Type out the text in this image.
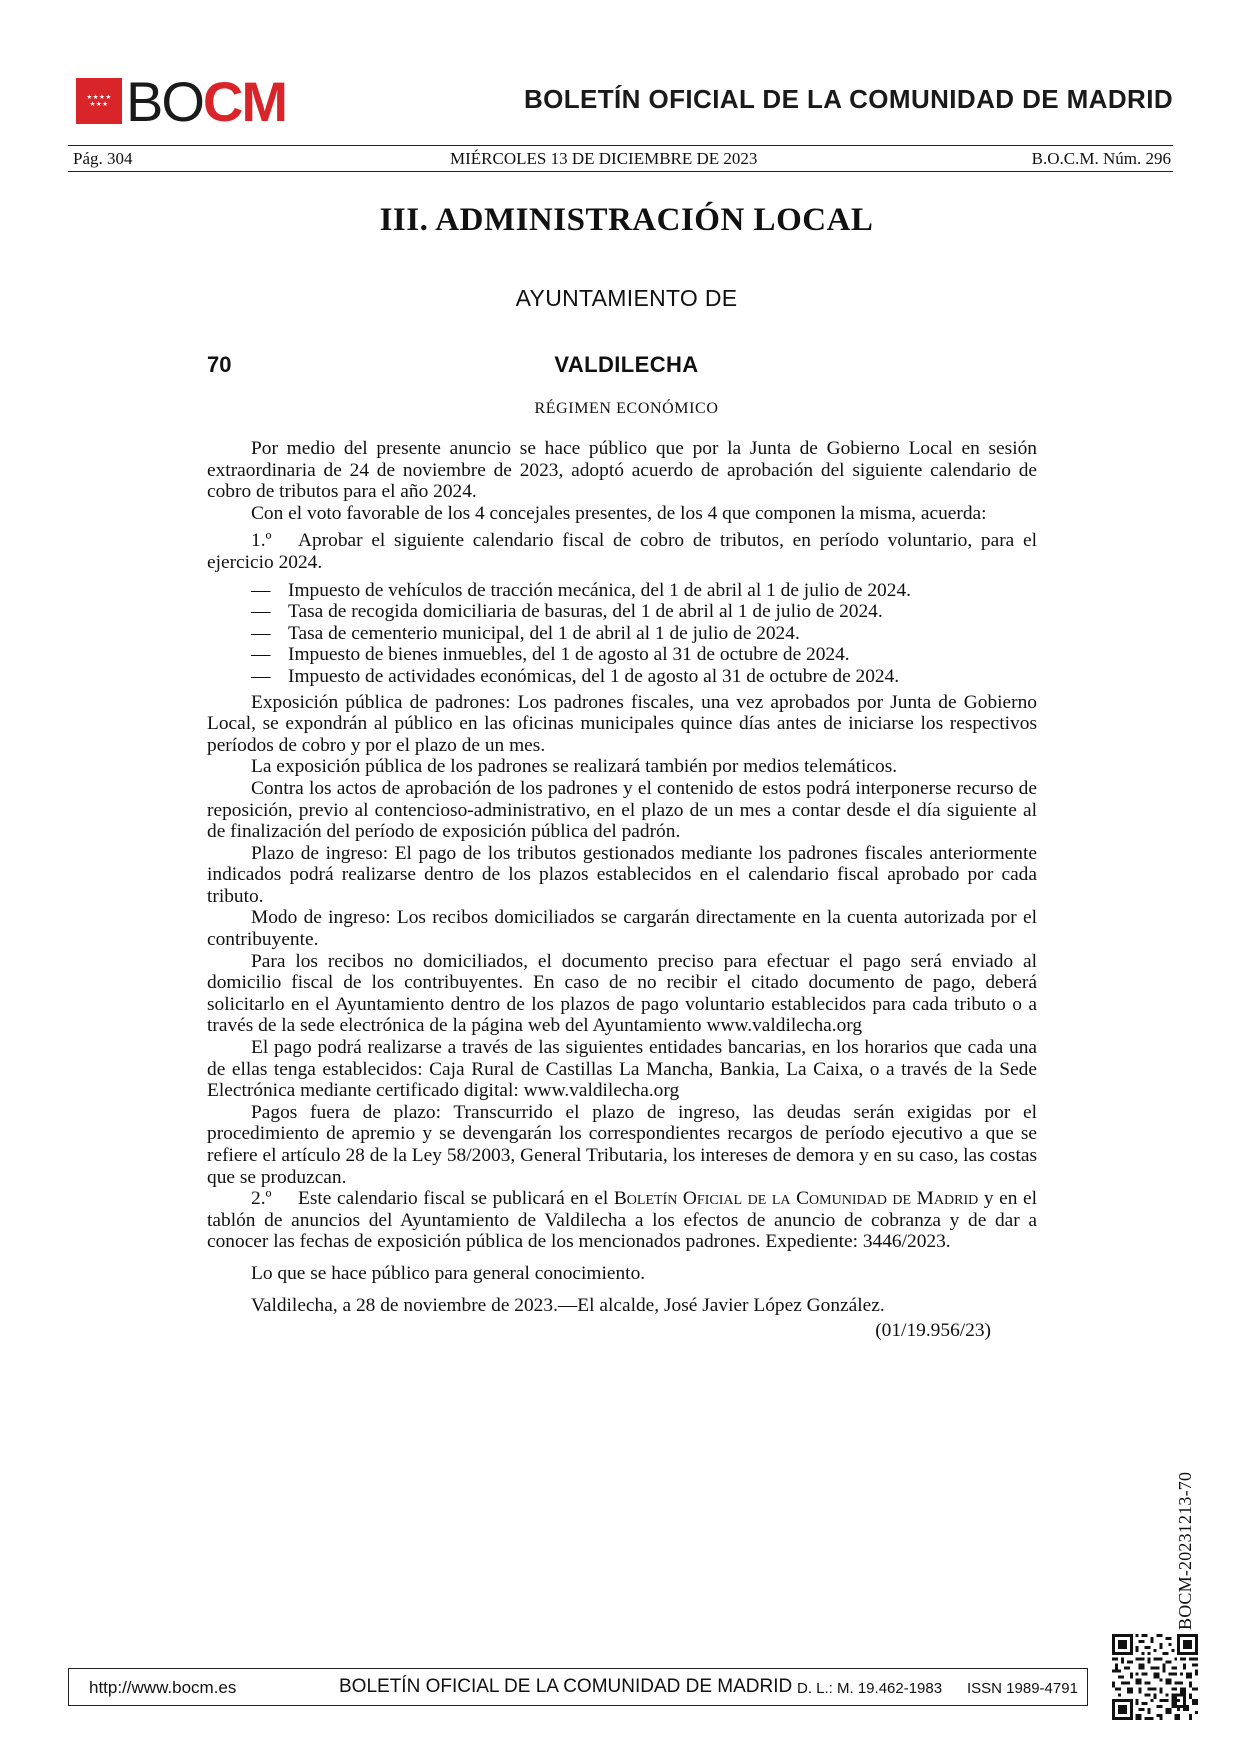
★★★★
★★★ BOCM	BOLETÍN OFICIAL DE LA COMUNIDAD DE MADRID
Pág. 304	MIÉRCOLES 13 DE DICIEMBRE DE 2023	B.O.C.M. Núm. 296
III. ADMINISTRACIÓN LOCAL
AYUNTAMIENTO DE
70	VALDILECHA
RÉGIMEN ECONÓMICO

Por medio del presente anuncio se hace público que por la Junta de Gobierno Local en sesión extraordinaria de 24 de noviembre de 2023, adoptó acuerdo de aprobación del siguiente calendario de cobro de tributos para el año 2024.

Con el voto favorable de los 4 concejales presentes, de los 4 que componen la misma, acuerda:

1.º Aprobar el siguiente calendario fiscal de cobro de tributos, en período voluntario, para el ejercicio 2024.

— Impuesto de vehículos de tracción mecánica, del 1 de abril al 1 de julio de 2024.
— Tasa de recogida domiciliaria de basuras, del 1 de abril al 1 de julio de 2024.
— Tasa de cementerio municipal, del 1 de abril al 1 de julio de 2024.
— Impuesto de bienes inmuebles, del 1 de agosto al 31 de octubre de 2024.
— Impuesto de actividades económicas, del 1 de agosto al 31 de octubre de 2024.

Exposición pública de padrones: Los padrones fiscales, una vez aprobados por Junta de Gobierno Local, se expondrán al público en las oficinas municipales quince días antes de iniciarse los respectivos períodos de cobro y por el plazo de un mes.

La exposición pública de los padrones se realizará también por medios telemáticos.

Contra los actos de aprobación de los padrones y el contenido de estos podrá interponerse recurso de reposición, previo al contencioso-administrativo, en el plazo de un mes a contar desde el día siguiente al de finalización del período de exposición pública del padrón.

Plazo de ingreso: El pago de los tributos gestionados mediante los padrones fiscales anteriormente indicados podrá realizarse dentro de los plazos establecidos en el calendario fiscal aprobado por cada tributo.

Modo de ingreso: Los recibos domiciliados se cargarán directamente en la cuenta autorizada por el contribuyente.

Para los recibos no domiciliados, el documento preciso para efectuar el pago será enviado al domicilio fiscal de los contribuyentes. En caso de no recibir el citado documento de pago, deberá solicitarlo en el Ayuntamiento dentro de los plazos de pago voluntario establecidos para cada tributo o a través de la sede electrónica de la página web del Ayuntamiento www.valdilecha.org

El pago podrá realizarse a través de las siguientes entidades bancarias, en los horarios que cada una de ellas tenga establecidos: Caja Rural de Castillas La Mancha, Bankia, La Caixa, o a través de la Sede Electrónica mediante certificado digital: www.valdilecha.org

Pagos fuera de plazo: Transcurrido el plazo de ingreso, las deudas serán exigidas por el procedimiento de apremio y se devengarán los correspondientes recargos de período ejecutivo a que se refiere el artículo 28 de la Ley 58/2003, General Tributaria, los intereses de demora y en su caso, las costas que se produzcan.

2.º Este calendario fiscal se publicará en el Boletín Oficial de la Comunidad de Madrid y en el tablón de anuncios del Ayuntamiento de Valdilecha a los efectos de anuncio de cobranza y de dar a conocer las fechas de exposición pública de los mencionados padrones. Expediente: 3446/2023.

Lo que se hace público para general conocimiento.

Valdilecha, a 28 de noviembre de 2023.—El alcalde, José Javier López González.

(01/19.956/23)

BOCM-20231213-70
http://www.bocm.es	BOLETÍN OFICIAL DE LA COMUNIDAD DE MADRID D. L.: M. 19.462-1983 ISSN 1989-4791
